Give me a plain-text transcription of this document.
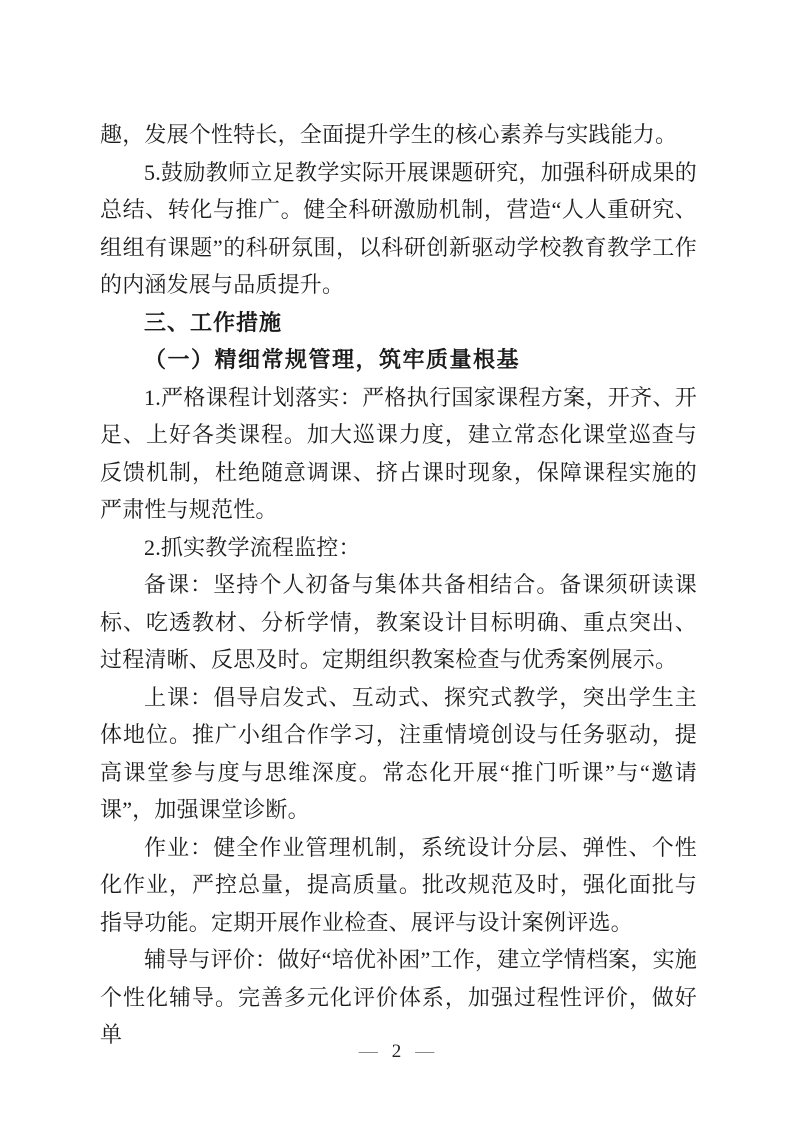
趣，发展个性特长，全面提升学生的核心素养与实践能力。

5.鼓励教师立足教学实际开展课题研究，加强科研成果的总结、转化与推广。健全科研激励机制，营造“人人重研究、组组有课题”的科研氛围，以科研创新驱动学校教育教学工作的内涵发展与品质提升。

三、工作措施

（一）精细常规管理，筑牢质量根基

1.严格课程计划落实：严格执行国家课程方案，开齐、开足、上好各类课程。加大巡课力度，建立常态化课堂巡查与反馈机制，杜绝随意调课、挤占课时现象，保障课程实施的严肃性与规范性。

2.抓实教学流程监控：

备课：坚持个人初备与集体共备相结合。备课须研读课标、吃透教材、分析学情，教案设计目标明确、重点突出、过程清晰、反思及时。定期组织教案检查与优秀案例展示。

上课：倡导启发式、互动式、探究式教学，突出学生主体地位。推广小组合作学习，注重情境创设与任务驱动，提高课堂参与度与思维深度。常态化开展“推门听课”与“邀请课”，加强课堂诊断。

作业：健全作业管理机制，系统设计分层、弹性、个性化作业，严控总量，提高质量。批改规范及时，强化面批与指导功能。定期开展作业检查、展评与设计案例评选。

辅导与评价：做好“培优补困”工作，建立学情档案，实施个性化辅导。完善多元化评价体系，加强过程性评价，做好单

— 2 —
